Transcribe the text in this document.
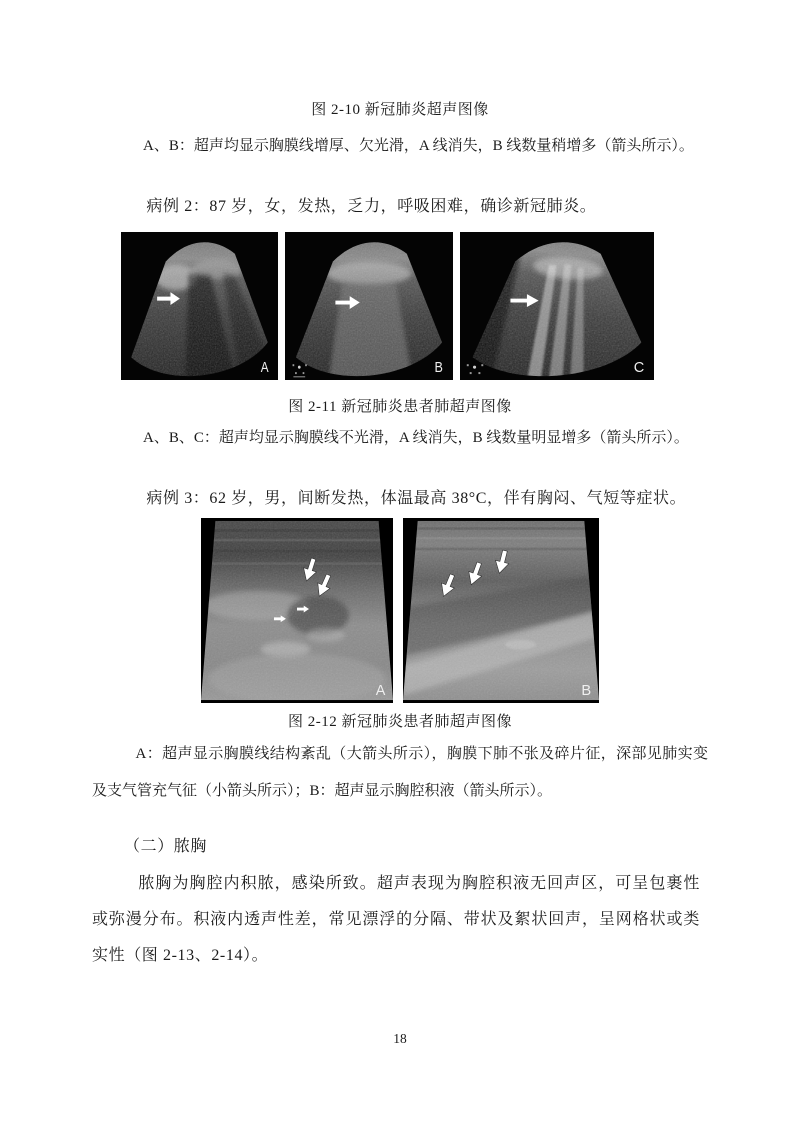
图 2-10 新冠肺炎超声图像
A、B：超声均显示胸膜线增厚、欠光滑，A 线消失，B 线数量稍增多（箭头所示）。
病例 2：87 岁，女，发热，乏力，呼吸困难，确诊新冠肺炎。
A	B	C
图 2-11 新冠肺炎患者肺超声图像
A、B、C：超声均显示胸膜线不光滑，A 线消失，B 线数量明显增多（箭头所示）。
病例 3：62 岁，男，间断发热，体温最高 38°C，伴有胸闷、气短等症状。
A	B
图 2-12 新冠肺炎患者肺超声图像
A：超声显示胸膜线结构紊乱（大箭头所示），胸膜下肺不张及碎片征，深部见肺实变及支气管充气征（小箭头所示）；B：超声显示胸腔积液（箭头所示）。
（二）脓胸
脓胸为胸腔内积脓，感染所致。超声表现为胸腔积液无回声区，可呈包裹性或弥漫分布。积液内透声性差，常见漂浮的分隔、带状及絮状回声，呈网格状或类实性（图 2-13、2-14）。
18
